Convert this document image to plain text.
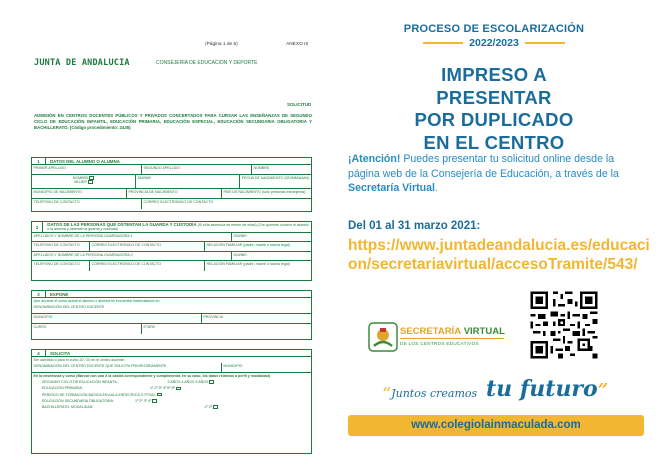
(Página 1 de 5)	ANEXO III
JUNTA DE ANDALUCIA	CONSEJERÍA DE EDUCACIÓN Y DEPORTE
SOLICITUD
ADMISIÓN EN CENTROS DOCENTES PÚBLICOS Y PRIVADOS CONCERTADOS PARA CURSAR LAS ENSEÑANZAS DE SEGUNDO CICLO DE EDUCACIÓN INFANTIL, EDUCACIÓN PRIMARIA, EDUCACIÓN ESPECIAL, EDUCACIÓN SECUNDARIA OBLIGATORIA Y BACHILLERATO. (Código procedimiento: 2435)
1	DATOS DEL ALUMNO O ALUMNA
PRIMER APELLIDO	SEGUNDO APELLIDO	NOMBRE
HOMBRE
MUJER
DNI/NIE:	FECHA DE NACIMIENTO (DD/MM/AAAA)
MUNICIPIO DE NACIMIENTO	PROVINCIA DE NACIMIENTO	PAÍS DE NACIMIENTO (sólo personas extranjeras)
TELÉFONO DE CONTACTO	CORREO ELECTRÓNICO DE CONTACTO
2
DATOS DE LAS PERSONAS QUE OSTENTAN LA GUARDA Y CUSTODIA (Si el/la alumno/a es menor de edad) (Con quienes convive el alumno o la alumna y ostentan la guarda y custodia)
APELLIDOS Y NOMBRE DE LA PERSONA GUARDADORA 1	DNI/NIE:
TELÉFONO DE CONTACTO	CORREO ELECTRÓNICO DE CONTACTO	RELACIÓN FAMILIAR (padre, madre o tutor/a legal)
APELLIDOS Y NOMBRE DE LA PERSONA GUARDADORA 2	DNI/NIE:
TELÉFONO DE CONTACTO	CORREO ELECTRÓNICO DE CONTACTO	RELACIÓN FAMILIAR (padre, madre o tutor/a legal)
3	EXPONE
Que durante el curso actual el alumno o alumna se encuentra matriculado/a en:
DENOMINACIÓN DEL CENTRO DOCENTE
MUNICIPIO	PROVINCIA
CURSO	ETAPA
4	SOLICITA
Ser admitido o para el curso 20 / 20 en el centro docente:
DENOMINACIÓN DEL CENTRO DOCENTE QUE SOLICITA PRIORITARIAMENTE	MUNICIPIO
En la enseñanza y curso (Marcar con una X la casilla correspondiente y cumplimentar, en su caso, los datos relativos a perfil y modalidad)
SEGUNDO CICLO DE EDUCACIÓN INFANTIL:	3 AÑOS 4 AÑOS 5 AÑOS
EDUCACIÓN PRIMARIA:	1º 2º 3º 4º 5º 6º
PERIODO DE FORMACIÓN BÁSICA EN AULA ESPECÍFICA O PTVAL
EDUCACIÓN SECUNDARIA OBLIGATORIA:	1º 2º 3º 4º
BACHILLERATO: MODALIDAD:	1º 2º
PROCESO DE ESCOLARIZACIÓN
2022/2023
IMPRESO A
PRESENTAR
POR DUPLICADO
EN EL CENTRO
¡Atención! Puedes presentar tu solicitud online desde la página web de la Consejería de Educación, a través de la Secretaría Virtual.
Del 01 al 31 marzo 2021:
https://www.juntadeandalucia.es/educacion/secretariavirtual/accesoTramite/543/
SECRETARÍA VIRTUAL
DE LOS CENTROS EDUCATIVOS
“Juntos creamos tu futuro”
www.colegiolainmaculada.com
